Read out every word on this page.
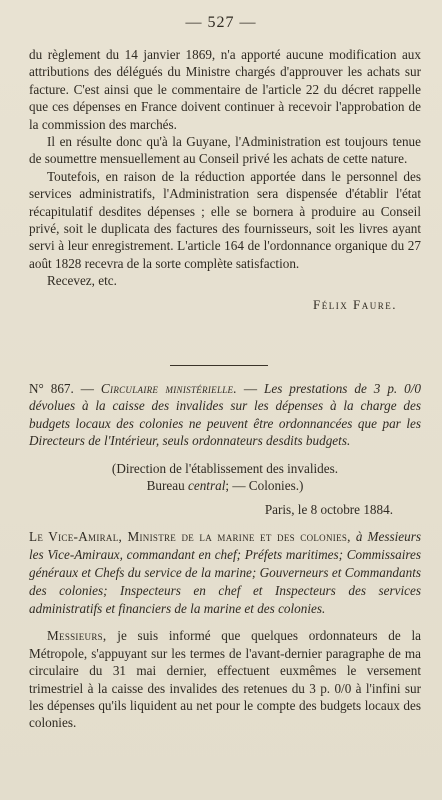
— 527 —

du règlement du 14 janvier 1869, n'a apporté aucune modification aux attributions des délégués du Ministre chargés d'approuver les achats sur facture. C'est ainsi que le commentaire de l'article 22 du décret rappelle que ces dépenses en France doivent continuer à recevoir l'approbation de la commission des marchés.

Il en résulte donc qu'à la Guyane, l'Administration est toujours tenue de soumettre mensuellement au Conseil privé les achats de cette nature.

Toutefois, en raison de la réduction apportée dans le personnel des services administratifs, l'Administration sera dispensée d'établir l'état récapitulatif desdites dépenses ; elle se bornera à produire au Conseil privé, soit le duplicata des factures des fournisseurs, soit les livres ayant servi à leur enregistrement. L'article 164 de l'ordonnance organique du 27 août 1828 recevra de la sorte complète satisfaction.

Recevez, etc.

Félix Faure.

N° 867. — Circulaire ministérielle. — Les prestations de 3 p. 0/0 dévolues à la caisse des invalides sur les dépenses à la charge des budgets locaux des colonies ne peuvent être ordonnancées que par les Directeurs de l'Intérieur, seuls ordonnateurs desdits budgets.

(Direction de l'établissement des invalides.
Bureau central; — Colonies.)
Paris, le 8 octobre 1884.

Le Vice-Amiral, Ministre de la marine et des colonies, à Messieurs les Vice-Amiraux, commandant en chef; Préfets maritimes; Commissaires généraux et Chefs du service de la marine; Gouverneurs et Commandants des colonies; Inspecteurs en chef et Inspecteurs des services administratifs et financiers de la marine et des colonies.

Messieurs, je suis informé que quelques ordonnateurs de la Métropole, s'appuyant sur les termes de l'avant-dernier paragraphe de ma circulaire du 31 mai dernier, effectuent euxmêmes le versement trimestriel à la caisse des invalides des retenues du 3 p. 0/0 à l'infini sur les dépenses qu'ils liquident au net pour le compte des budgets locaux des colonies.
